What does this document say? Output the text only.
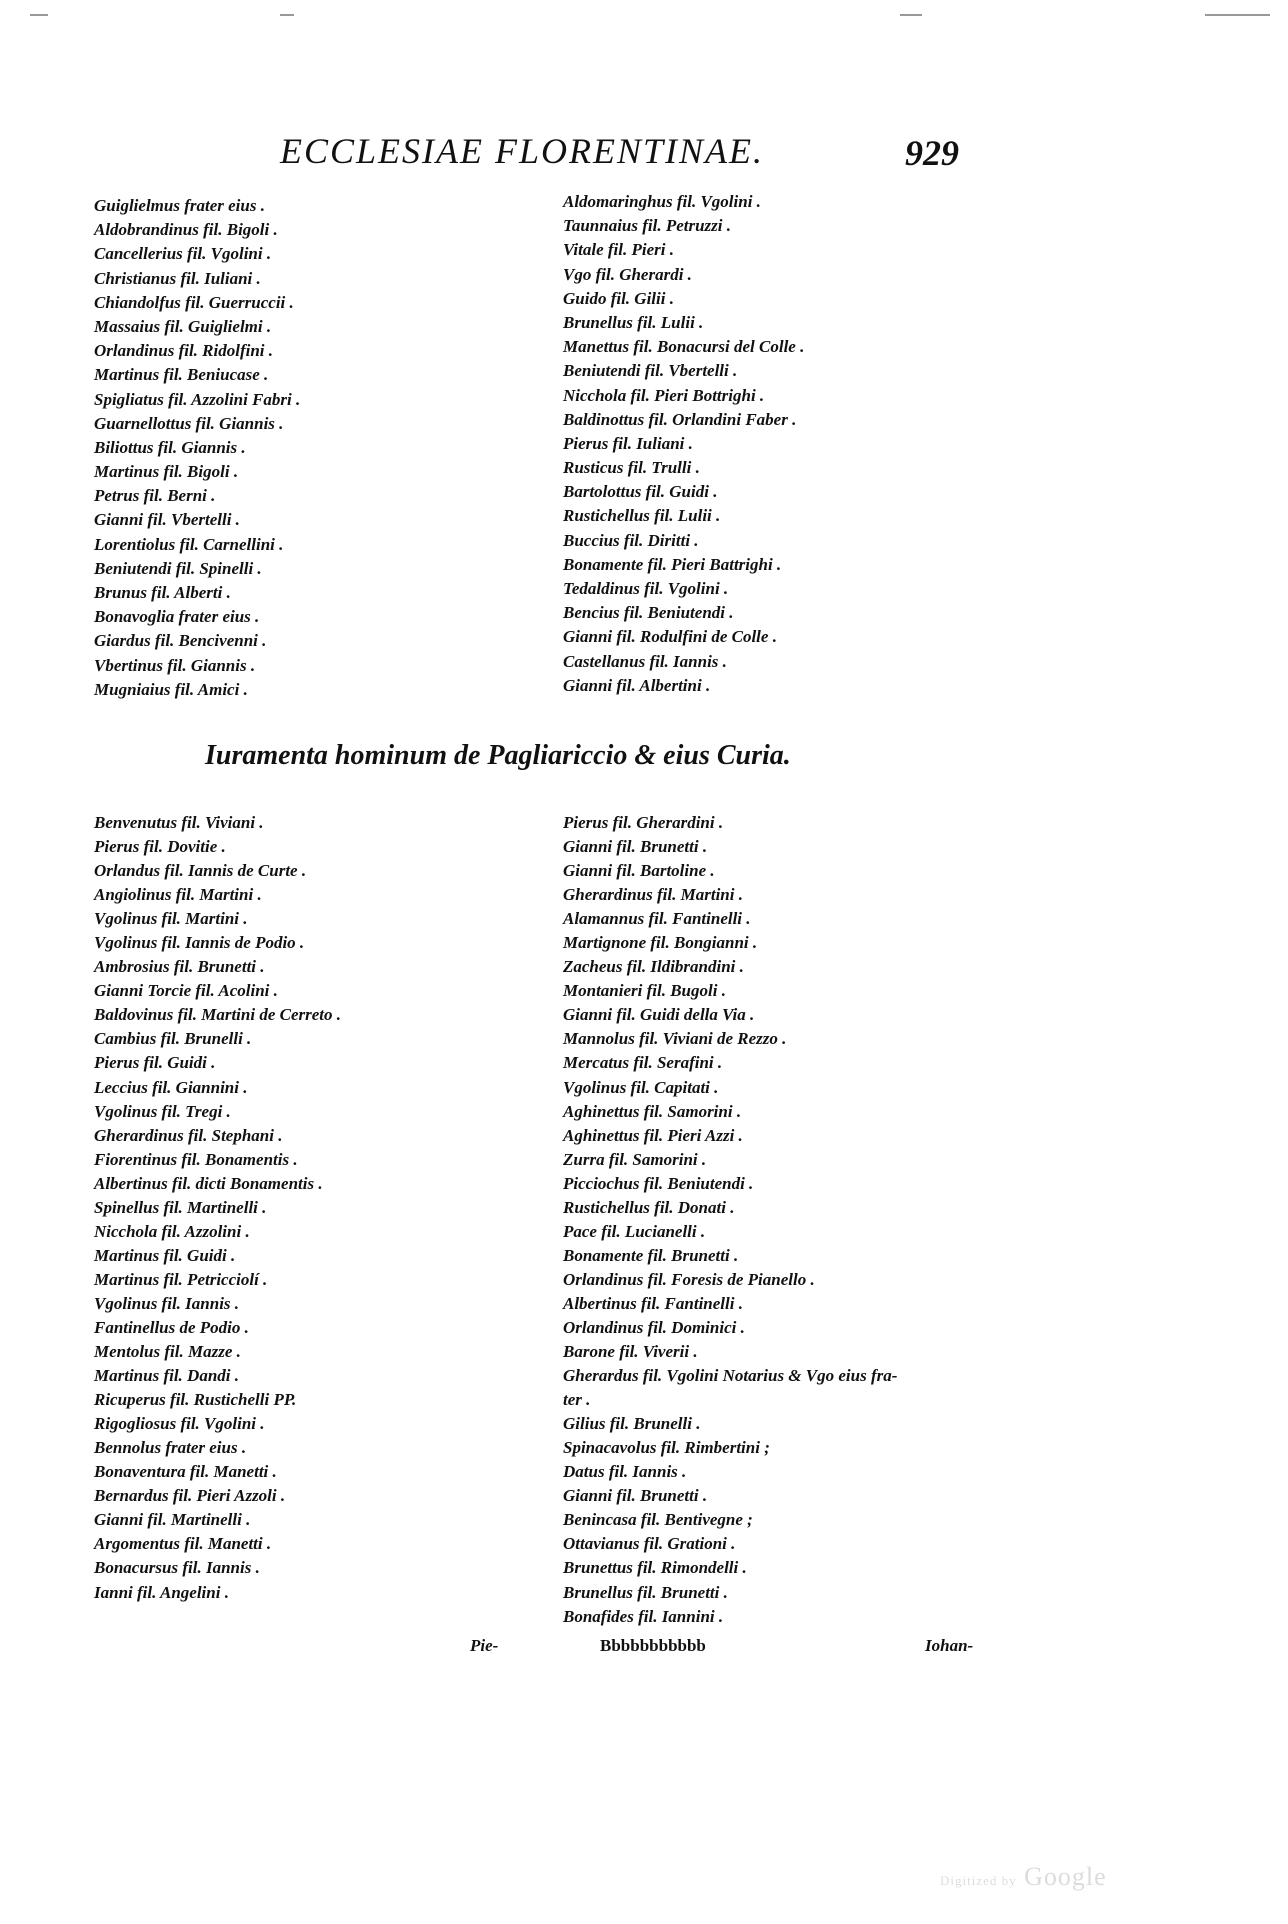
ECCLESIAE FLORENTINAE.	929
Guiglielmus frater eius .
Aldobrandinus fil. Bigoli .
Cancellerius fil. Vgolini .
Christianus fil. Iuliani .
Chiandolfus fil. Guerruccii .
Massaius fil. Guiglielmi .
Orlandinus fil. Ridolfini .
Martinus fil. Beniucase .
Spigliatus fil. Azzolini Fabri .
Guarnellottus fil. Giannis .
Biliottus fil. Giannis .
Martinus fil. Bigoli .
Petrus fil. Berni .
Gianni fil. Vbertelli .
Lorentiolus fil. Carnellini .
Beniutendi fil. Spinelli .
Brunus fil. Alberti .
Bonavoglia frater eius .
Giardus fil. Bencivenni .
Vbertinus fil. Giannis .
Mugniaius fil. Amici .
Aldomaringhus fil. Vgolini .
Taunnaius fil. Petruzzi .
Vitale fil. Pieri .
Vgo fil. Gherardi .
Guido fil. Gilii .
Brunellus fil. Lulii .
Manettus fil. Bonacursi del Colle .
Beniutendi fil. Vbertelli .
Nicchola fil. Pieri Bottrighi .
Baldinottus fil. Orlandini Faber .
Pierus fil. Iuliani .
Rusticus fil. Trulli .
Bartolottus fil. Guidi .
Rustichellus fil. Lulii .
Buccius fil. Diritti .
Bonamente fil. Pieri Battrighi .
Tedaldinus fil. Vgolini .
Bencius fil. Beniutendi .
Gianni fil. Rodulfini de Colle .
Castellanus fil. Iannis .
Gianni fil. Albertini .
Iuramenta hominum de Pagliariccio & eius Curia.
Benvenutus fil. Viviani .
Pierus fil. Dovitie .
Orlandus fil. Iannis de Curte .
Angiolinus fil. Martini .
Vgolinus fil. Martini .
Vgolinus fil. Iannis de Podio .
Ambrosius fil. Brunetti .
Gianni Torcie fil. Acolini .
Baldovinus fil. Martini de Cerreto .
Cambius fil. Brunelli .
Pierus fil. Guidi .
Leccius fil. Giannini .
Vgolinus fil. Tregi .
Gherardinus fil. Stephani .
Fiorentinus fil. Bonamentis .
Albertinus fil. dicti Bonamentis .
Spinellus fil. Martinelli .
Nicchola fil. Azzolini .
Martinus fil. Guidi .
Martinus fil. Petricciolí .
Vgolinus fil. Iannis .
Fantinellus de Podio .
Mentolus fil. Mazze .
Martinus fil. Dandi .
Ricuperus fil. Rustichelli PP.
Rigogliosus fil. Vgolini .
Bennolus frater eius .
Bonaventura fil. Manetti .
Bernardus fil. Pieri Azzoli .
Gianni fil. Martinelli .
Argomentus fil. Manetti .
Bonacursus fil. Iannis .
Ianni fil. Angelini .
Pierus fil. Gherardini .
Gianni fil. Brunetti .
Gianni fil. Bartoline .
Gherardinus fil. Martini .
Alamannus fil. Fantinelli .
Martignone fil. Bongianni .
Zacheus fil. Ildibrandini .
Montanieri fil. Bugoli .
Gianni fil. Guidi della Via .
Mannolus fil. Viviani de Rezzo .
Mercatus fil. Serafini .
Vgolinus fil. Capitati .
Aghinettus fil. Samorini .
Aghinettus fil. Pieri Azzi .
Zurra fil. Samorini .
Picciochus fil. Beniutendi .
Rustichellus fil. Donati .
Pace fil. Lucianelli .
Bonamente fil. Brunetti .
Orlandinus fil. Foresis de Pianello .
Albertinus fil. Fantinelli .
Orlandinus fil. Dominici .
Barone fil. Viverii .
Gherardus fil. Vgolini Notarius & Vgo eius fra-
ter .
Gilius fil. Brunelli .
Spinacavolus fil. Rimbertini ;
Datus fil. Iannis .
Gianni fil. Brunetti .
Benincasa fil. Bentivegne ;
Ottavianus fil. Grationi .
Brunettus fil. Rimondelli .
Brunellus fil. Brunetti .
Bonafides fil. Iannini .
Pie-	Bbbbbbbbbbb	Iohan-
Digitized by Google
